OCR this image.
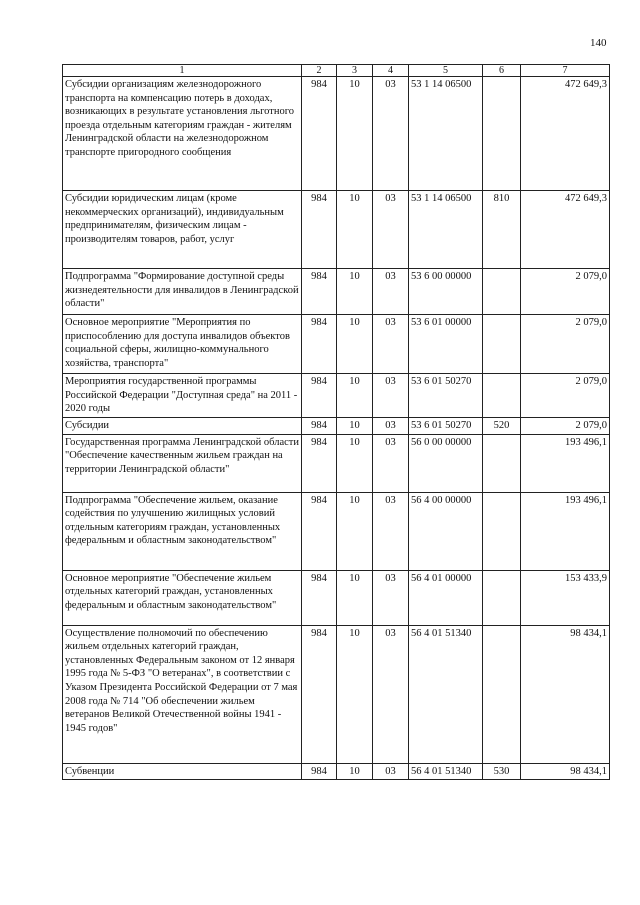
140
1	2	3	4	5	6	7
Субсидии организациям железнодорожного транспорта на компенсацию потерь в доходах, возникающих в результате установления льготного проезда отдельным категориям граждан - жителям Ленинградской области на железнодорожном транспорте пригородного сообщения	984	10	03	53 1 14 06500		472 649,3
Субсидии юридическим лицам (кроме некоммерческих организаций), индивидуальным предпринимателям, физическим лицам - производителям товаров, работ, услуг	984	10	03	53 1 14 06500	810	472 649,3
Подпрограмма "Формирование доступной среды жизнедеятельности для инвалидов в Ленинградской области"	984	10	03	53 6 00 00000		2 079,0
Основное мероприятие "Мероприятия по приспособлению для доступа инвалидов объектов социальной сферы, жилищно-коммунального хозяйства, транспорта"	984	10	03	53 6 01 00000		2 079,0
Мероприятия государственной программы Российской Федерации "Доступная среда" на 2011 - 2020 годы	984	10	03	53 6 01 50270		2 079,0
Субсидии	984	10	03	53 6 01 50270	520	2 079,0
Государственная программа Ленинградской области "Обеспечение качественным жильем граждан на территории Ленинградской области"	984	10	03	56 0 00 00000		193 496,1
Подпрограмма "Обеспечение жильем, оказание содействия по улучшению жилищных условий отдельным категориям граждан, установленных федеральным и областным законодательством"	984	10	03	56 4 00 00000		193 496,1
Основное мероприятие "Обеспечение жильем отдельных категорий граждан, установленных федеральным и областным законодательством"	984	10	03	56 4 01 00000		153 433,9
Осуществление полномочий по обеспечению жильем отдельных категорий граждан, установленных Федеральным законом от 12 января 1995 года № 5-ФЗ "О ветеранах", в соответствии с Указом Президента Российской Федерации от 7 мая 2008 года № 714 "Об обеспечении жильем ветеранов Великой Отечественной войны 1941 - 1945 годов"	984	10	03	56 4 01 51340		98 434,1
Субвенции	984	10	03	56 4 01 51340	530	98 434,1
